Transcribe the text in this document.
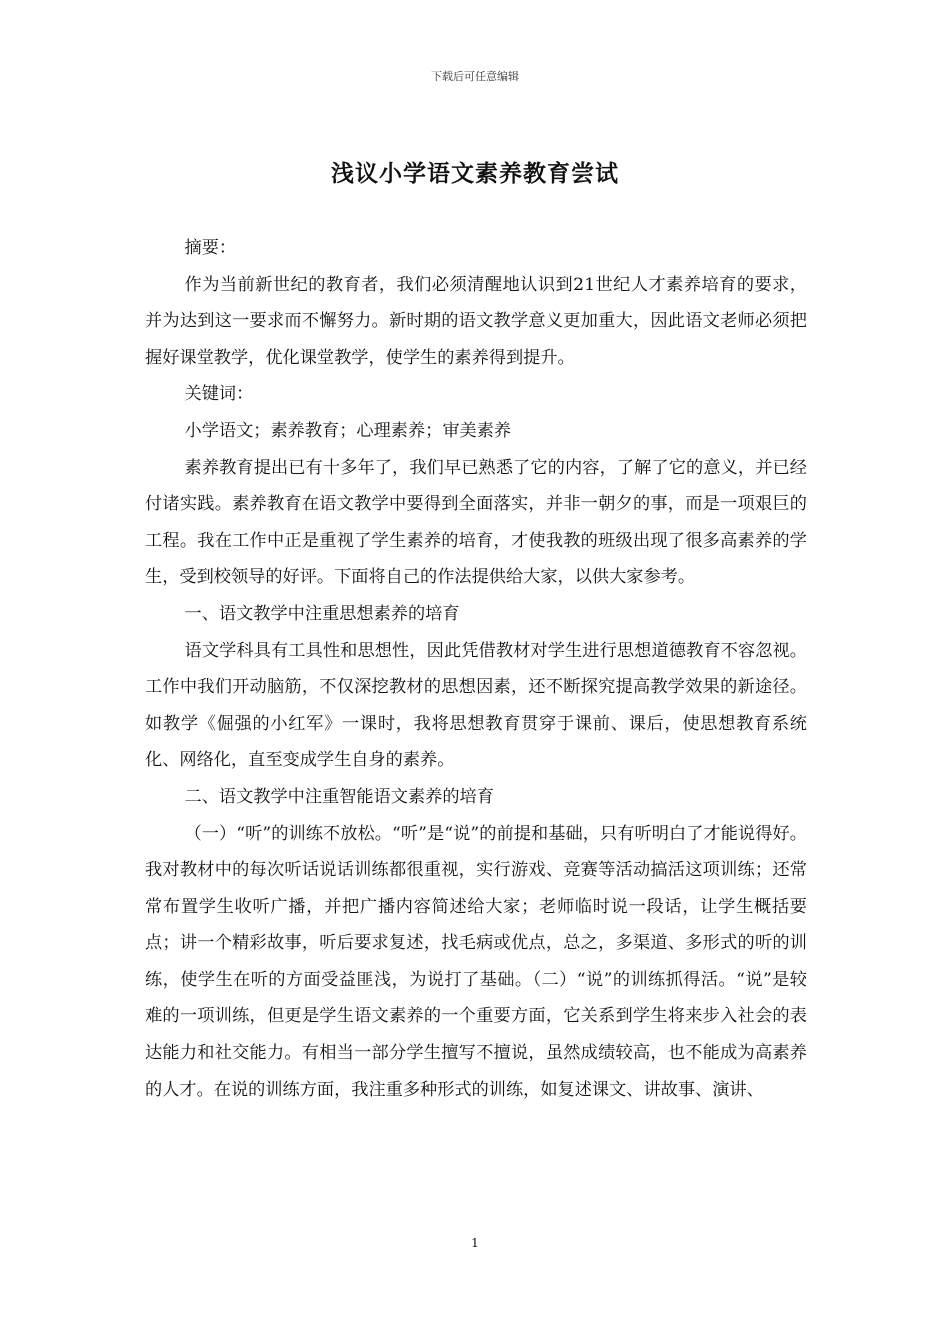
下载后可任意编辑
浅议小学语文素养教育尝试

摘要：

作为当前新世纪的教育者，我们必须清醒地认识到21世纪人才素养培育的要求，并为达到这一要求而不懈努力。新时期的语文教学意义更加重大，因此语文老师必须把握好课堂教学，优化课堂教学，使学生的素养得到提升。

关键词：

小学语文；素养教育；心理素养；审美素养

素养教育提出已有十多年了，我们早已熟悉了它的内容，了解了它的意义，并已经付诸实践。素养教育在语文教学中要得到全面落实，并非一朝夕的事，而是一项艰巨的工程。我在工作中正是重视了学生素养的培育，才使我教的班级出现了很多高素养的学生，受到校领导的好评。下面将自己的作法提供给大家，以供大家参考。

一、语文教学中注重思想素养的培育

语文学科具有工具性和思想性，因此凭借教材对学生进行思想道德教育不容忽视。工作中我们开动脑筋，不仅深挖教材的思想因素，还不断探究提高教学效果的新途径。如教学《倔强的小红军》一课时，我将思想教育贯穿于课前、课后，使思想教育系统化、网络化，直至变成学生自身的素养。

二、语文教学中注重智能语文素养的培育

（一）“听”的训练不放松。“听”是“说”的前提和基础，只有听明白了才能说得好。我对教材中的每次听话说话训练都很重视，实行游戏、竞赛等活动搞活这项训练；还常常布置学生收听广播，并把广播内容简述给大家；老师临时说一段话，让学生概括要点；讲一个精彩故事，听后要求复述，找毛病或优点，总之，多渠道、多形式的听的训练，使学生在听的方面受益匪浅，为说打了基础。（二）“说”的训练抓得活。“说”是较难的一项训练，但更是学生语文素养的一个重要方面，它关系到学生将来步入社会的表达能力和社交能力。有相当一部分学生擅写不擅说，虽然成绩较高，也不能成为高素养的人才。在说的训练方面，我注重多种形式的训练，如复述课文、讲故事、演讲、

1
